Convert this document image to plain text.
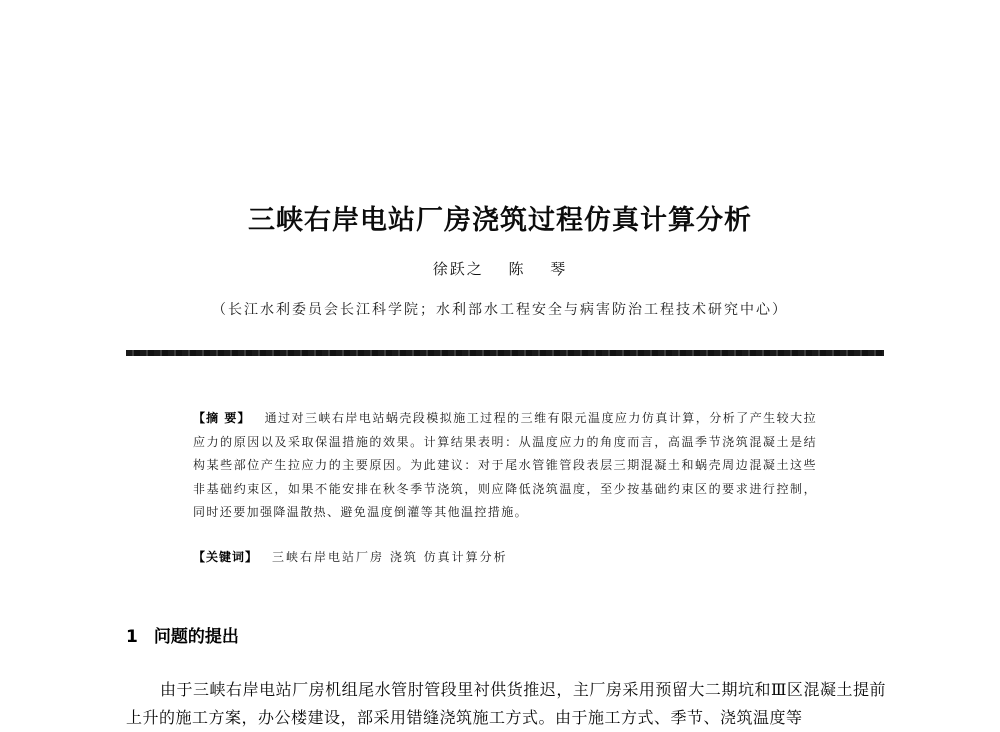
三峡右岸电站厂房浇筑过程仿真计算分析
徐跃之 陈 琴
（长江水利委员会长江科学院；水利部水工程安全与病害防治工程技术研究中心）
【摘 要】 通过对三峡右岸电站蜗壳段模拟施工过程的三维有限元温度应力仿真计算，分析了产生较大拉应力的原因以及采取保温措施的效果。计算结果表明：从温度应力的角度而言，高温季节浇筑混凝土是结构某些部位产生拉应力的主要原因。为此建议：对于尾水管锥管段表层三期混凝土和蜗壳周边混凝土这些非基础约束区，如果不能安排在秋冬季节浇筑，则应降低浇筑温度，至少按基础约束区的要求进行控制，同时还要加强降温散热、避免温度倒灌等其他温控措施。
【关键词】 三峡右岸电站厂房 浇筑 仿真计算分析
1 问题的提出
由于三峡右岸电站厂房机组尾水管肘管段里衬供货推迟，主厂房采用预留大二期坑和Ⅲ区混凝土提前上升的施工方案，办公楼建设，部采用错缝浇筑施工方式。由于施工方式、季节、浇筑温度等
